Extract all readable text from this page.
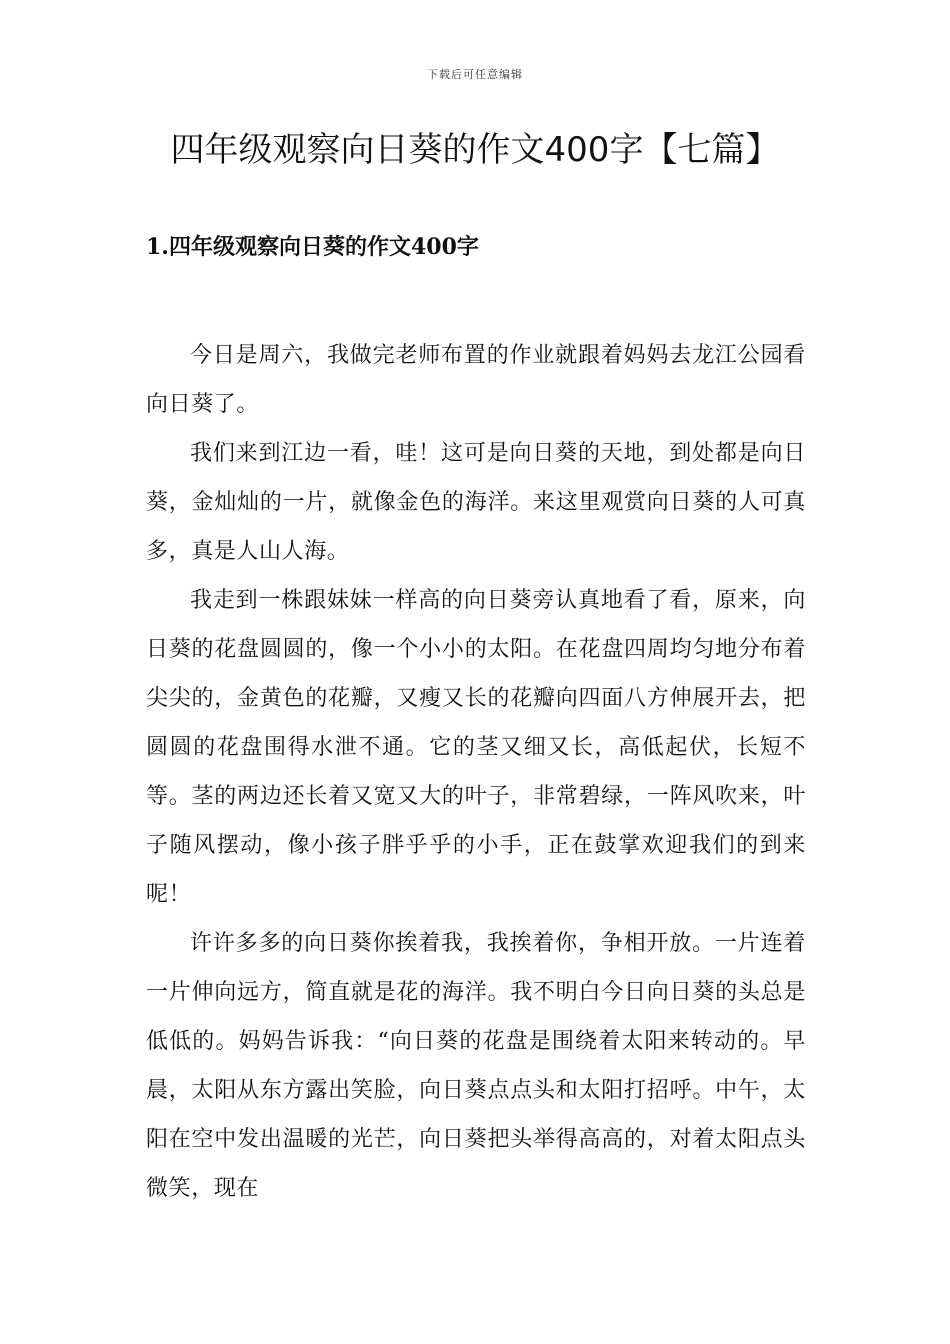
下载后可任意编辑
四年级观察向日葵的作文400字【七篇】
1.四年级观察向日葵的作文400字

今日是周六，我做完老师布置的作业就跟着妈妈去龙江公园看向日葵了。

我们来到江边一看，哇！这可是向日葵的天地，到处都是向日葵，金灿灿的一片，就像金色的海洋。来这里观赏向日葵的人可真多，真是人山人海。

我走到一株跟妹妹一样高的向日葵旁认真地看了看，原来，向日葵的花盘圆圆的，像一个小小的太阳。在花盘四周均匀地分布着尖尖的，金黄色的花瓣，又瘦又长的花瓣向四面八方伸展开去，把圆圆的花盘围得水泄不通。它的茎又细又长，高低起伏，长短不等。茎的两边还长着又宽又大的叶子，非常碧绿，一阵风吹来，叶子随风摆动，像小孩子胖乎乎的小手，正在鼓掌欢迎我们的到来呢！

许许多多的向日葵你挨着我，我挨着你，争相开放。一片连着一片伸向远方，简直就是花的海洋。我不明白今日向日葵的头总是低低的。妈妈告诉我：“向日葵的花盘是围绕着太阳来转动的。早晨，太阳从东方露出笑脸，向日葵点点头和太阳打招呼。中午，太阳在空中发出温暖的光芒，向日葵把头举得高高的，对着太阳点头微笑，现在
